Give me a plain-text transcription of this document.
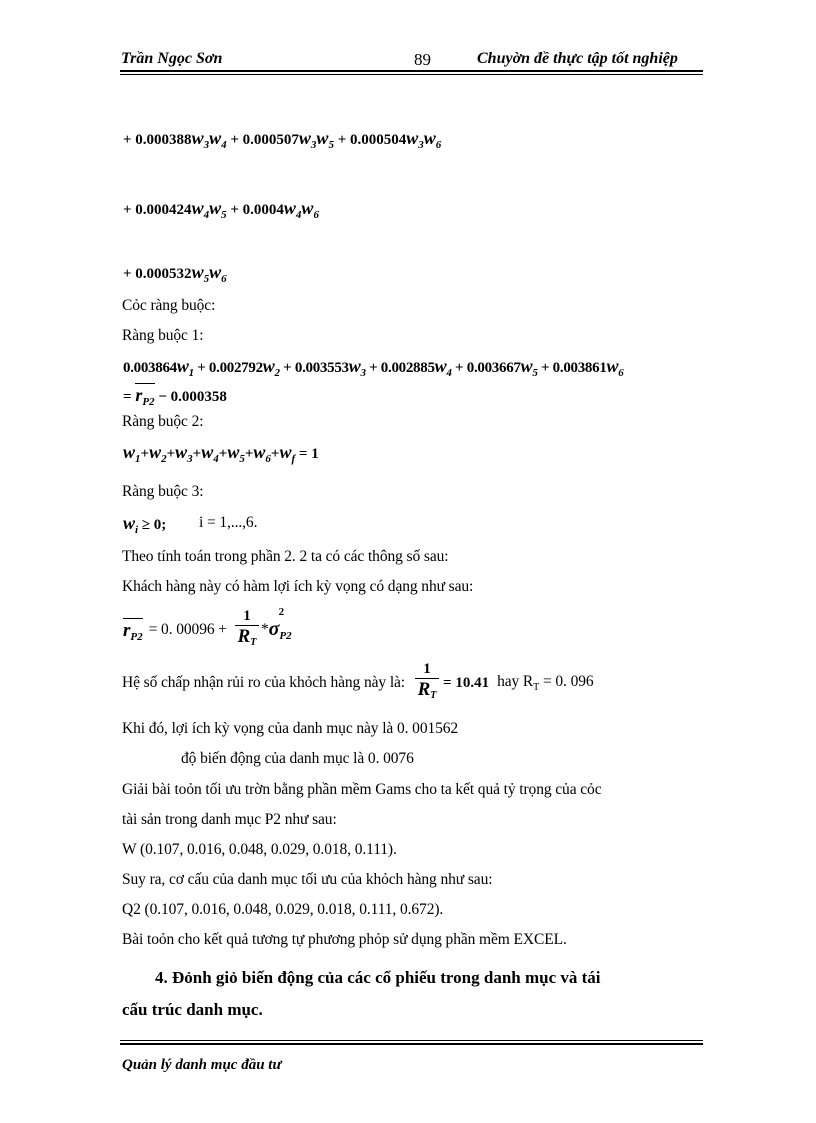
Trần Ngọc Sơn	89	Chuyờn đề thực tập tốt nghiệp
+ $0.000388w_3w_4 + 0.000507w_3w_5 + 0.000504w_3w_6$
+ $0.000424w_4w_5 + 0.0004w_4w_6$
+ $0.000532w_5w_6$
Cỏc ràng buộc:
Ràng buộc 1:
$0.003864w_1 + 0.002792w_2 + 0.003553w_3 + 0.002885w_4 + 0.003667w_5 + 0.003861w_6$
= $r_{P2} - 0.000358$
Ràng buộc 2:
$w_1+w_2+w_3+w_4+w_5+w_6+w_f = 1$
Ràng buộc 3:
$w_i \ge 0$; i = 1,...,6.
Theo tính toán trong phần 2. 2 ta có các thông số sau:
Khách hàng này có hàm lợi ích kỳ vọng có dạng như sau:
$r_{P2} = 0$. $00096 + \frac{1}{R_T} * \sigma_{P2}$
2
Hệ số chấp nhận rủi ro của khỏch hàng này là: $\frac{1}{R_T} = 10.41$ hay $R_T = 0$. 096
Khi đó, lợi ích kỳ vọng của danh mục này là 0. 001562
độ biến động của danh mục là 0. 0076
Giải bài toỏn tối ưu trờn bằng phần mềm Gams cho ta kết quả tỷ trọng của cỏc
tài sản trong danh mục P2 như sau:
W (0.107, 0.016, 0.048, 0.029, 0.018, 0.111).
Suy ra, cơ cấu của danh mục tối ưu của khỏch hàng như sau:
Q2 (0.107, 0.016, 0.048, 0.029, 0.018, 0.111, 0.672).
Bài toỏn cho kết quả tương tự phương phỏp sử dụng phần mềm EXCEL.
4. Đỏnh giỏ biến động của các cổ phiếu trong danh mục và tái
cấu trúc danh mục.
Quản lý danh mục đầu tư
